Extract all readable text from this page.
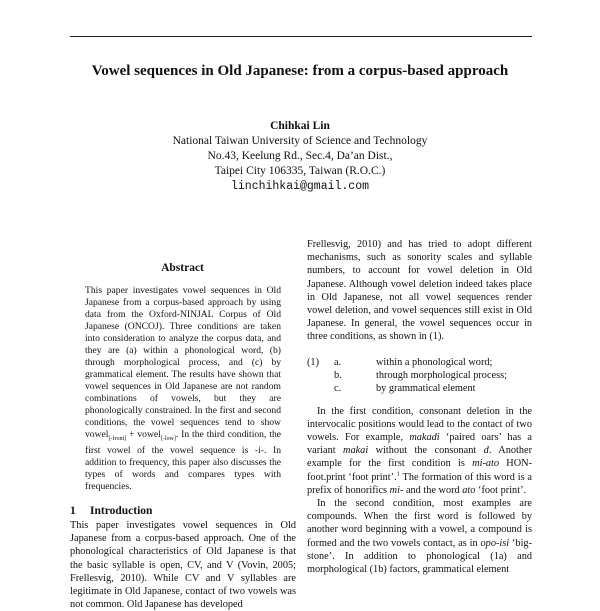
Vowel sequences in Old Japanese: from a corpus-based approach
Chihkai Lin
National Taiwan University of Science and Technology
No.43, Keelung Rd., Sec.4, Da’an Dist.,
Taipei City 106335, Taiwan (R.O.C.)
linchihkai@gmail.com
Abstract
This paper investigates vowel sequences in Old Japanese from a corpus-based approach by using data from the Oxford-NINJAL Corpus of Old Japanese (ONCOJ). Three conditions are taken into consideration to analyze the corpus data, and they are (a) within a phonological word, (b) through morphological process, and (c) by grammatical element. The results have shown that vowel sequences in Old Japanese are not random combinations of vowels, but they are phonologically constrained. In the first and second conditions, the vowel sequences tend to show vowel$_{[-front]}$ + vowel$_{[-low]}$. In the third condition, the first vowel of the vowel sequence is -i-. In addition to frequency, this paper also discusses the types of words and compares types with frequencies.
1 Introduction
This paper investigates vowel sequences in Old Japanese from a corpus-based approach. One of the phonological characteristics of Old Japanese is that the basic syllable is open, CV, and V (Vovin, 2005; Frellesvig, 2010). While CV and V syllables are legitimate in Old Japanese, contact of two vowels was not common. Old Japanese has developed

Frellesvig, 2010) and has tried to adopt different mechanisms, such as sonority scales and syllable numbers, to account for vowel deletion in Old Japanese. Although vowel deletion indeed takes place in Old Japanese, not all vowel sequences render vowel deletion, and vowel sequences still exist in Old Japanese. In general, the vowel sequences occur in three conditions, as shown in (1).

(1)	a.	within a phonological word;
b.	through morphological process;
c.	by grammatical element

In the first condition, consonant deletion in the intervocalic positions would lead to the contact of two vowels. For example, makadi ‘paired oars’ has a variant makai without the consonant d. Another example for the first condition is mi-ato HON-foot.print ‘foot print’.$^1$ The formation of this word is a prefix of honorifics mi- and the word ato ‘foot print’.

In the second condition, most examples are compounds. When the first word is followed by another word beginning with a vowel, a compound is formed and the two vowels contact, as in opo-isi ‘big-stone’. In addition to phonological (1a) and morphological (1b) factors, grammatical element
